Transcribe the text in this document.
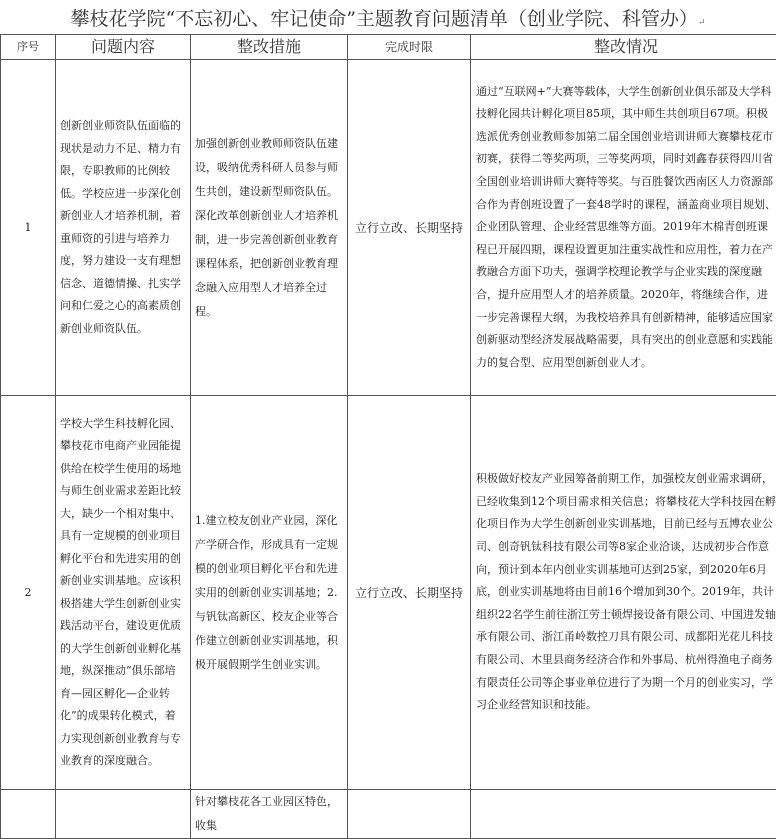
攀枝花学院“不忘初心、牢记使命”主题教育问题清单（创业学院、科管办）↵
序号	问题内容	整改措施	完成时限	整改情况
1	创新创业师资队伍面临的现状是动力不足、精力有限，专职教师的比例较低。学校应进一步深化创新创业人才培养机制，着重师资的引进与培养力度，努力建设一支有理想信念、道德情操、扎实学问和仁爱之心的高素质创新创业师资队伍。	加强创新创业教师师资队伍建设，吸纳优秀科研人员参与师生共创，建设新型师资队伍。深化改革创新创业人才培养机制，进一步完善创新创业教育课程体系，把创新创业教育理念融入应用型人才培养全过程。	立行立改、长期坚持	通过“互联网+”大赛等载体，大学生创新创业俱乐部及大学科技孵化园共计孵化项目85项，其中师生共创项目67项。积极选派优秀创业教师参加第二届全国创业培训讲师大赛攀枝花市初赛，获得二等奖两项，三等奖两项，同时刘鑫春获得四川省全国创业培训讲师大赛特等奖。与百胜餐饮西南区人力资源部合作为青创班设置了一套48学时的课程，涵盖商业项目规划、企业团队管理、企业经营思维等方面。2019年木棉青创班课程已开展四期，课程设置更加注重实战性和应用性，着力在产教融合方面下功夫，强调学校理论教学与企业实践的深度融合，提升应用型人才的培养质量。2020年，将继续合作，进一步完善课程大纲，为我校培养具有创新精神，能够适应国家创新驱动型经济发展战略需要，具有突出的创业意愿和实践能力的复合型、应用型创新创业人才。

2	学校大学生科技孵化园、攀枝花市电商产业园能提供给在校学生使用的场地与师生创业需求差距比较大，缺少一个相对集中、具有一定规模的创业项目孵化平台和先进实用的创新创业实训基地。应该积极搭建大学生创新创业实践活动平台，建设更优质的大学生创新创业孵化基地，纵深推动“俱乐部培育—园区孵化—企业转化”的成果转化模式，着力实现创新创业教育与专业教育的深度融合。	1.建立校友创业产业园，深化产学研合作，形成具有一定规模的创业项目孵化平台和先进实用的创新创业实训基地；2.与钒钛高新区、校友企业等合作建立创新创业实训基地，积极开展假期学生创业实训。	立行立改、长期坚持	积极做好校友产业园筹备前期工作，加强校友创业需求调研，已经收集到12个项目需求相关信息；将攀枝花大学科技园在孵化项目作为大学生创新创业实训基地，目前已经与五博农业公司、创奇钒钛科技有限公司等8家企业洽谈，达成初步合作意向，预计到本年内创业实训基地可达到25家，到2020年6月底，创业实训基地将由目前16个增加到30个。2019年，共计组织22名学生前往浙江劳士顿焊接设备有限公司、中国进发轴承有限公司、浙江甬岭数控刀具有限公司、成都阳光花儿科技有限公司、木里县商务经济合作和外事局、杭州得渔电子商务有限责任公司等企事业单位进行了为期一个月的创业实习，学习企业经营知识和技能。

		针对攀枝花各工业园区特色，收集		
